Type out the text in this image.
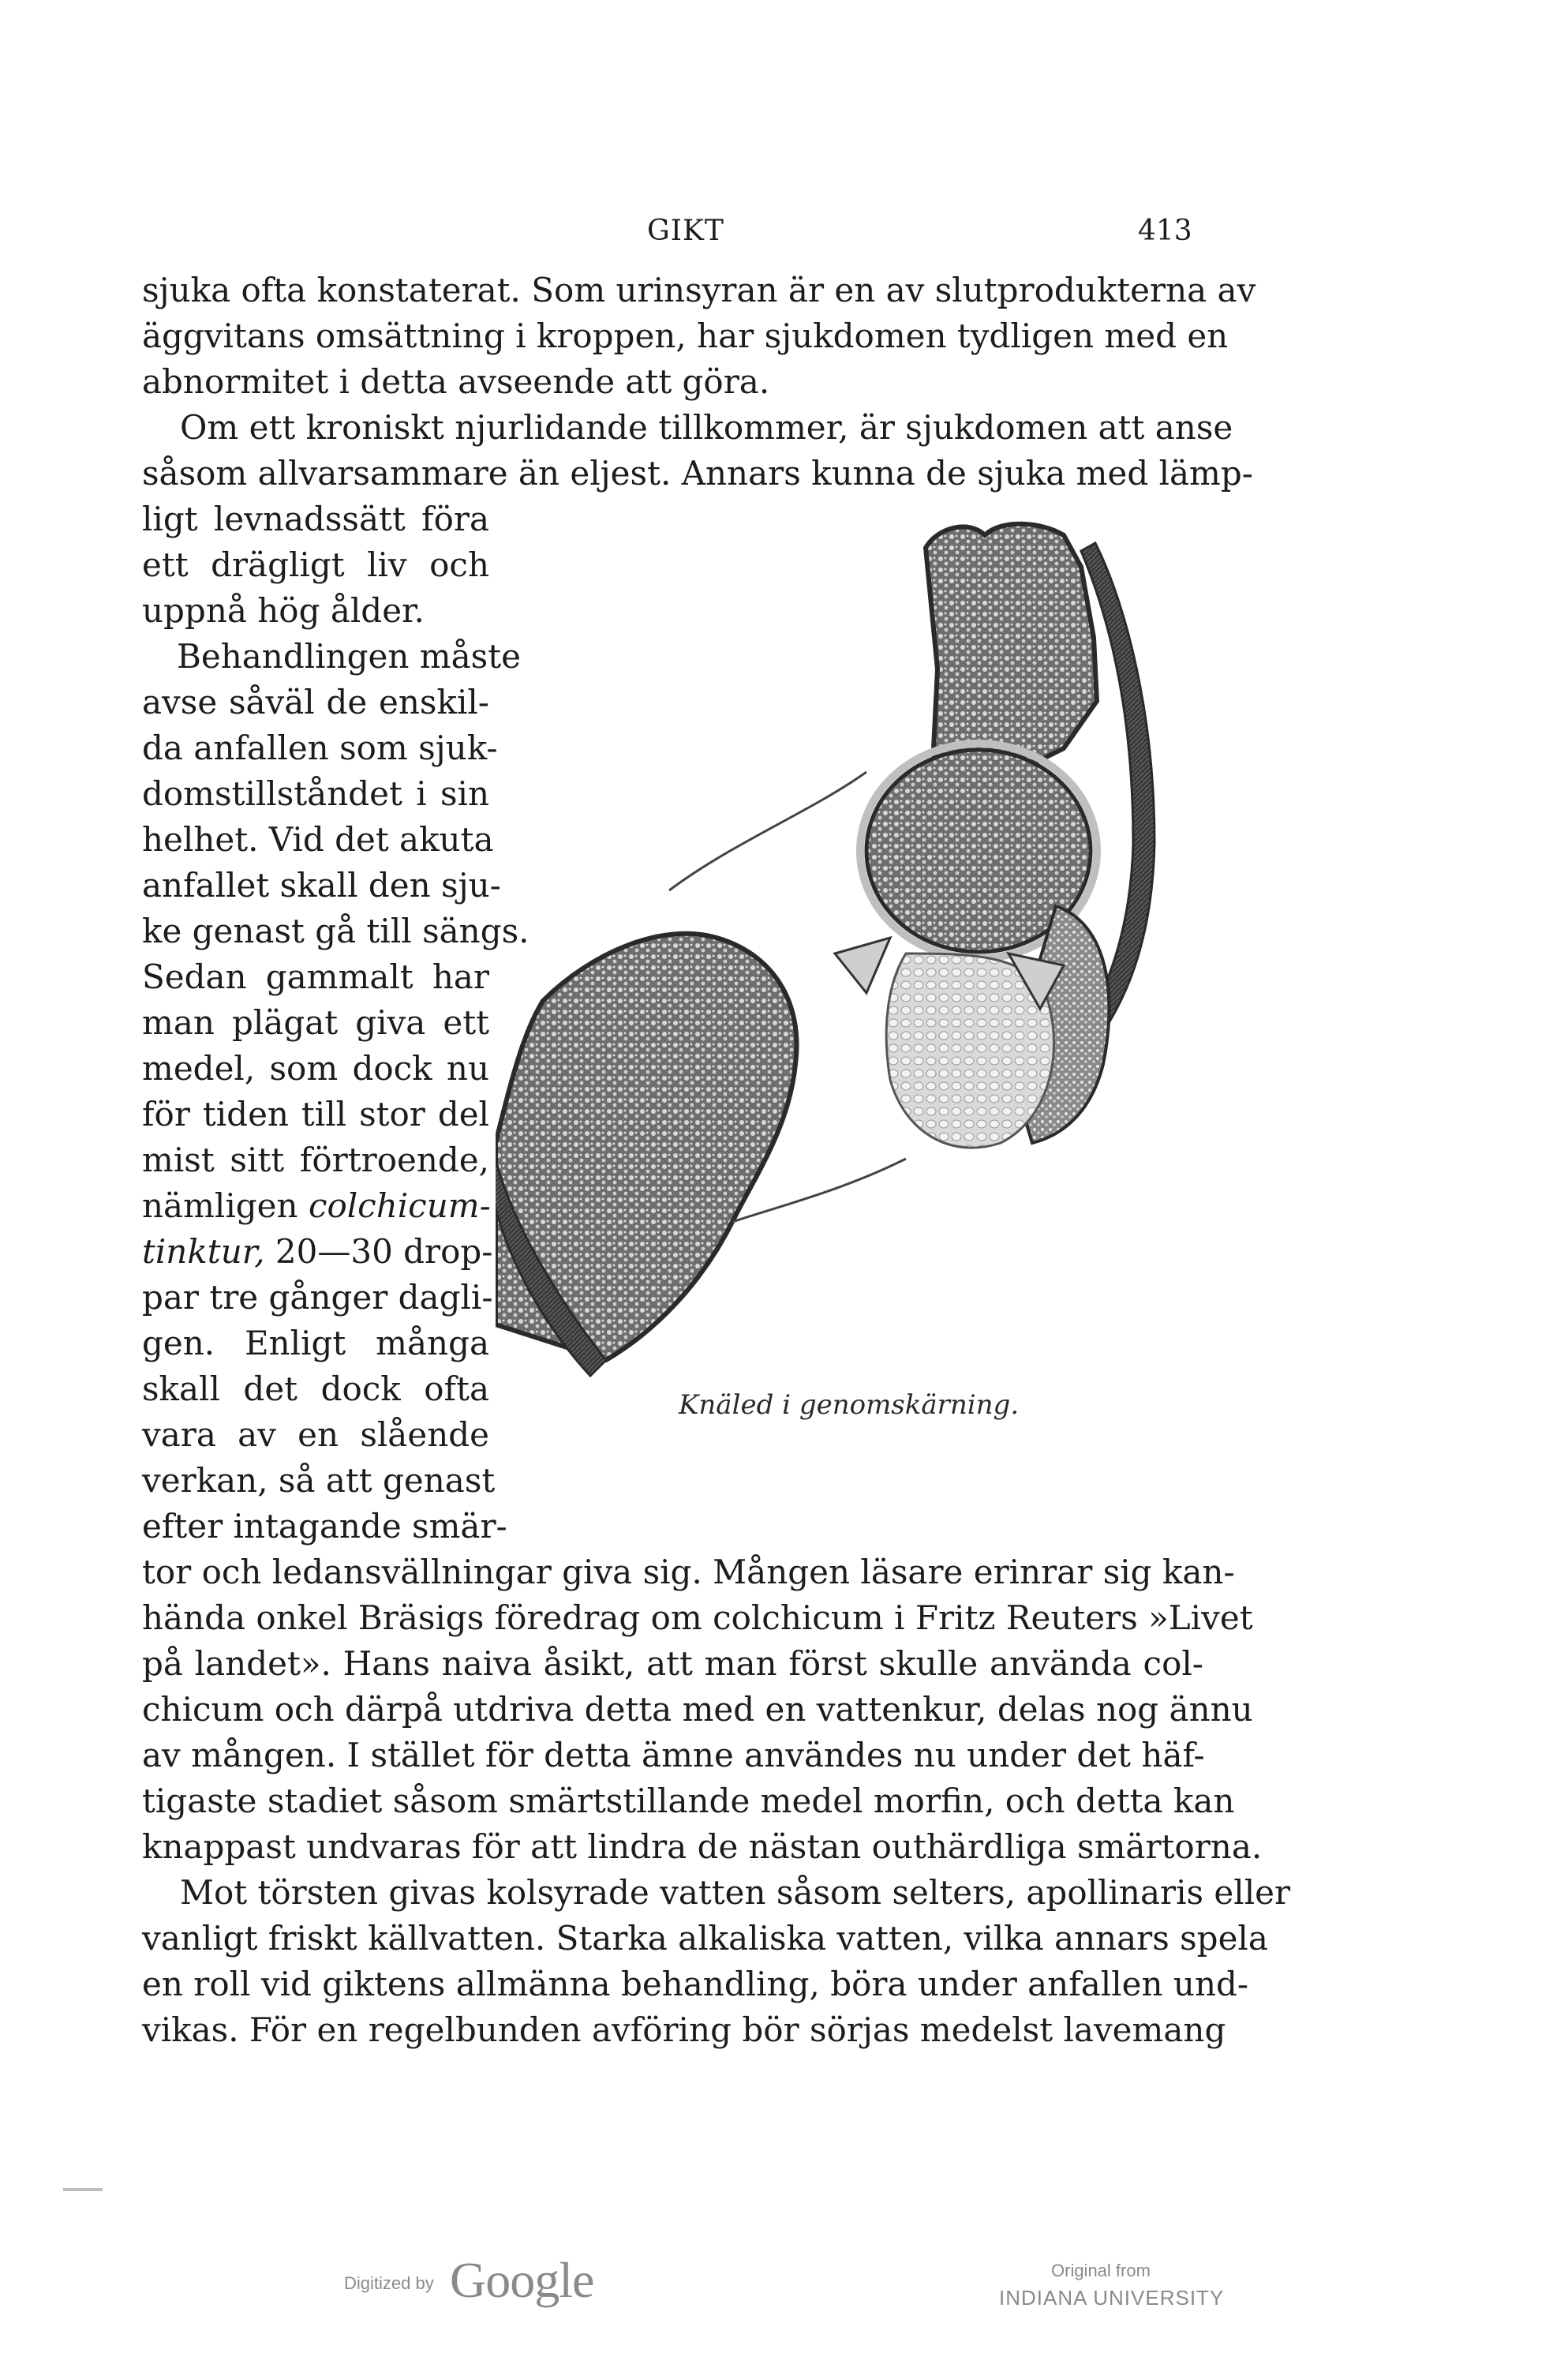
GIKT	413
sjuka ofta konstaterat. Som urinsyran är en av slutprodukterna av
äggvitans omsättning i kroppen, har sjukdomen tydligen med en
abnormitet i detta avseende att göra.
Om ett kroniskt njurlidande tillkommer, är sjukdomen att anse
såsom allvarsammare än eljest. Annars kunna de sjuka med lämp-
ligt levnadssätt föra
ett drägligt liv och
uppnå hög ålder.
Behandlingen måste
avse såväl de enskil-
da anfallen som sjuk-
domstillståndet i sin
helhet. Vid det akuta
anfallet skall den sju-
ke genast gå till sängs.
Sedan gammalt har
man plägat giva ett
medel, som dock nu
för tiden till stor del
mist sitt förtroende,
nämligen colchicum-
tinktur, 20—30 drop-
par tre gånger dagli-
gen. Enligt många
skall det dock ofta
vara av en slående
verkan, så att genast
efter intagande smär-
tor och ledansvällningar giva sig. Mången läsare erinrar sig kan-
hända onkel Bräsigs föredrag om colchicum i Fritz Reuters »Livet
på landet». Hans naiva åsikt, att man först skulle använda col-
chicum och därpå utdriva detta med en vattenkur, delas nog ännu
av mången. I stället för detta ämne användes nu under det häf-
tigaste stadiet såsom smärtstillande medel morfin, och detta kan
knappast undvaras för att lindra de nästan outhärdliga smärtorna.
Mot törsten givas kolsyrade vatten såsom selters, apollinaris eller
vanligt friskt källvatten. Starka alkaliska vatten, vilka annars spela
en roll vid giktens allmänna behandling, böra under anfallen und-
vikas. För en regelbunden avföring bör sörjas medelst lavemang
Knäled i genomskärning.
Digitized by Google	Original from
INDIANA UNIVERSITY
